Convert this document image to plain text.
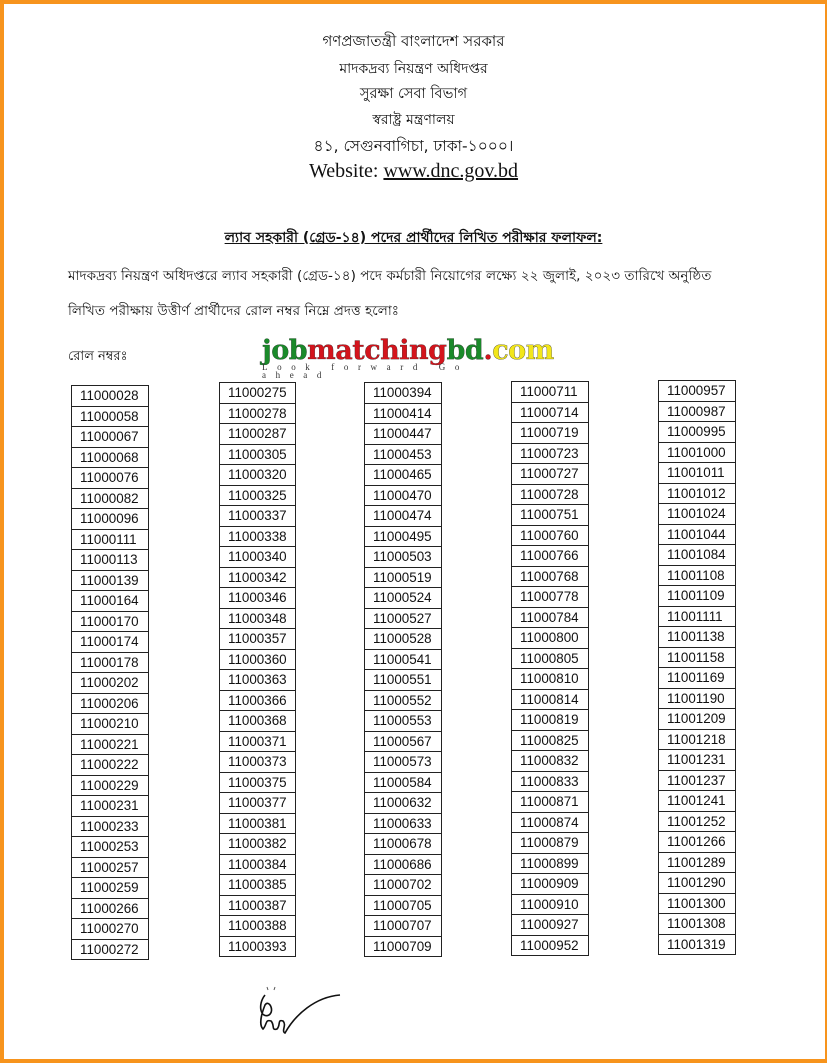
গণপ্রজাতন্ত্রী বাংলাদেশ সরকার
মাদকদ্রব্য নিয়ন্ত্রণ অধিদপ্তর
সুরক্ষা সেবা বিভাগ
স্বরাষ্ট্র মন্ত্রণালয়
৪১, সেগুনবাগিচা, ঢাকা-১০০০।
Website: www.dnc.gov.bd
ল্যাব সহকারী (গ্রেড-১৪) পদের প্রার্থীদের লিখিত পরীক্ষার ফলাফল:
মাদকদ্রব্য নিয়ন্ত্রণ অধিদপ্তরে ল্যাব সহকারী (গ্রেড-১৪) পদে কর্মচারী নিয়োগের লক্ষ্যে ২২ জুলাই, ২০২৩ তারিখে অনুষ্ঠিত
লিখিত পরীক্ষায় উত্তীর্ণ প্রার্থীদের রোল নম্বর নিম্নে প্রদত্ত হলোঃ
রোল নম্বরঃ	jobmatchingbd.com
Look forward Go ahead
11000028
11000058
11000067
11000068
11000076
11000082
11000096
11000111
11000113
11000139
11000164
11000170
11000174
11000178
11000202
11000206
11000210
11000221
11000222
11000229
11000231
11000233
11000253
11000257
11000259
11000266
11000270
11000272
11000275
11000278
11000287
11000305
11000320
11000325
11000337
11000338
11000340
11000342
11000346
11000348
11000357
11000360
11000363
11000366
11000368
11000371
11000373
11000375
11000377
11000381
11000382
11000384
11000385
11000387
11000388
11000393
11000394
11000414
11000447
11000453
11000465
11000470
11000474
11000495
11000503
11000519
11000524
11000527
11000528
11000541
11000551
11000552
11000553
11000567
11000573
11000584
11000632
11000633
11000678
11000686
11000702
11000705
11000707
11000709
11000711
11000714
11000719
11000723
11000727
11000728
11000751
11000760
11000766
11000768
11000778
11000784
11000800
11000805
11000810
11000814
11000819
11000825
11000832
11000833
11000871
11000874
11000879
11000899
11000909
11000910
11000927
11000952
11000957
11000987
11000995
11001000
11001011
11001012
11001024
11001044
11001084
11001108
11001109
11001111
11001138
11001158
11001169
11001190
11001209
11001218
11001231
11001237
11001241
11001252
11001266
11001289
11001290
11001300
11001308
11001319
